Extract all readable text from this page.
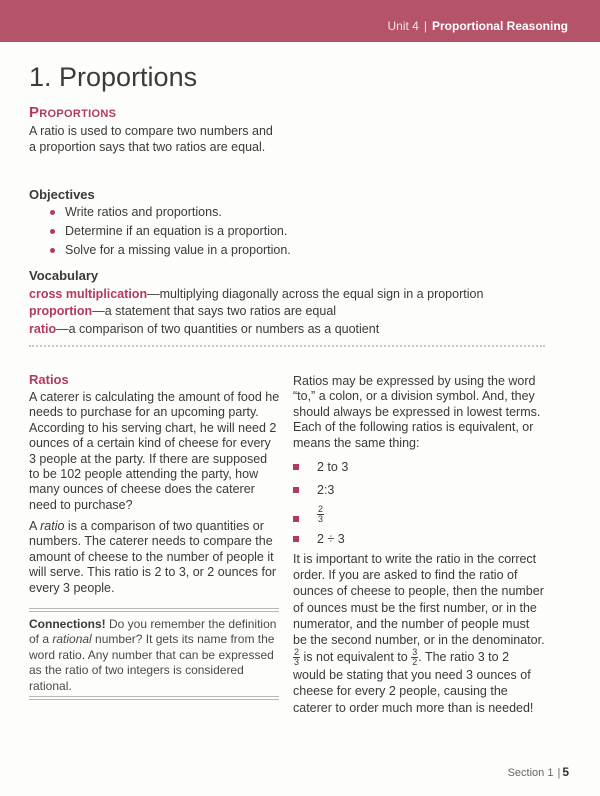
Unit 4 | Proportional Reasoning
1. Proportions
Proportions
A ratio is used to compare two numbers and a proportion says that two ratios are equal.
Objectives
Write ratios and proportions.
Determine if an equation is a proportion.
Solve for a missing value in a proportion.
Vocabulary
cross multiplication—multiplying diagonally across the equal sign in a proportion
proportion—a statement that says two ratios are equal
ratio—a comparison of two quantities or numbers as a quotient
Ratios
A caterer is calculating the amount of food he needs to purchase for an upcoming party. According to his serving chart, he will need 2 ounces of a certain kind of cheese for every 3 people at the party. If there are supposed to be 102 people attending the party, how many ounces of cheese does the caterer need to purchase?
A ratio is a comparison of two quantities or numbers. The caterer needs to compare the amount of cheese to the number of people it will serve. This ratio is 2 to 3, or 2 ounces for every 3 people.
Connections! Do you remember the definition of a rational number? It gets its name from the word ratio. Any number that can be expressed as the ratio of two integers is considered rational.
Ratios may be expressed by using the word “to,” a colon, or a division symbol. And, they should always be expressed in lowest terms. Each of the following ratios is equivalent, or means the same thing:
2 to 3
2:3
$\frac{2}{3}$
2 ÷ 3
It is important to write the ratio in the correct order. If you are asked to find the ratio of ounces of cheese to people, then the number of ounces must be the first number, or in the numerator, and the number of people must be the second number, or in the denominator.
$\frac{2}{3}$ is not equivalent to $\frac{3}{2}$ . The ratio 3 to 2 would be stating that you need 3 ounces of cheese for every 2 people, causing the caterer to order much more than is needed!
Section 1 | 5
